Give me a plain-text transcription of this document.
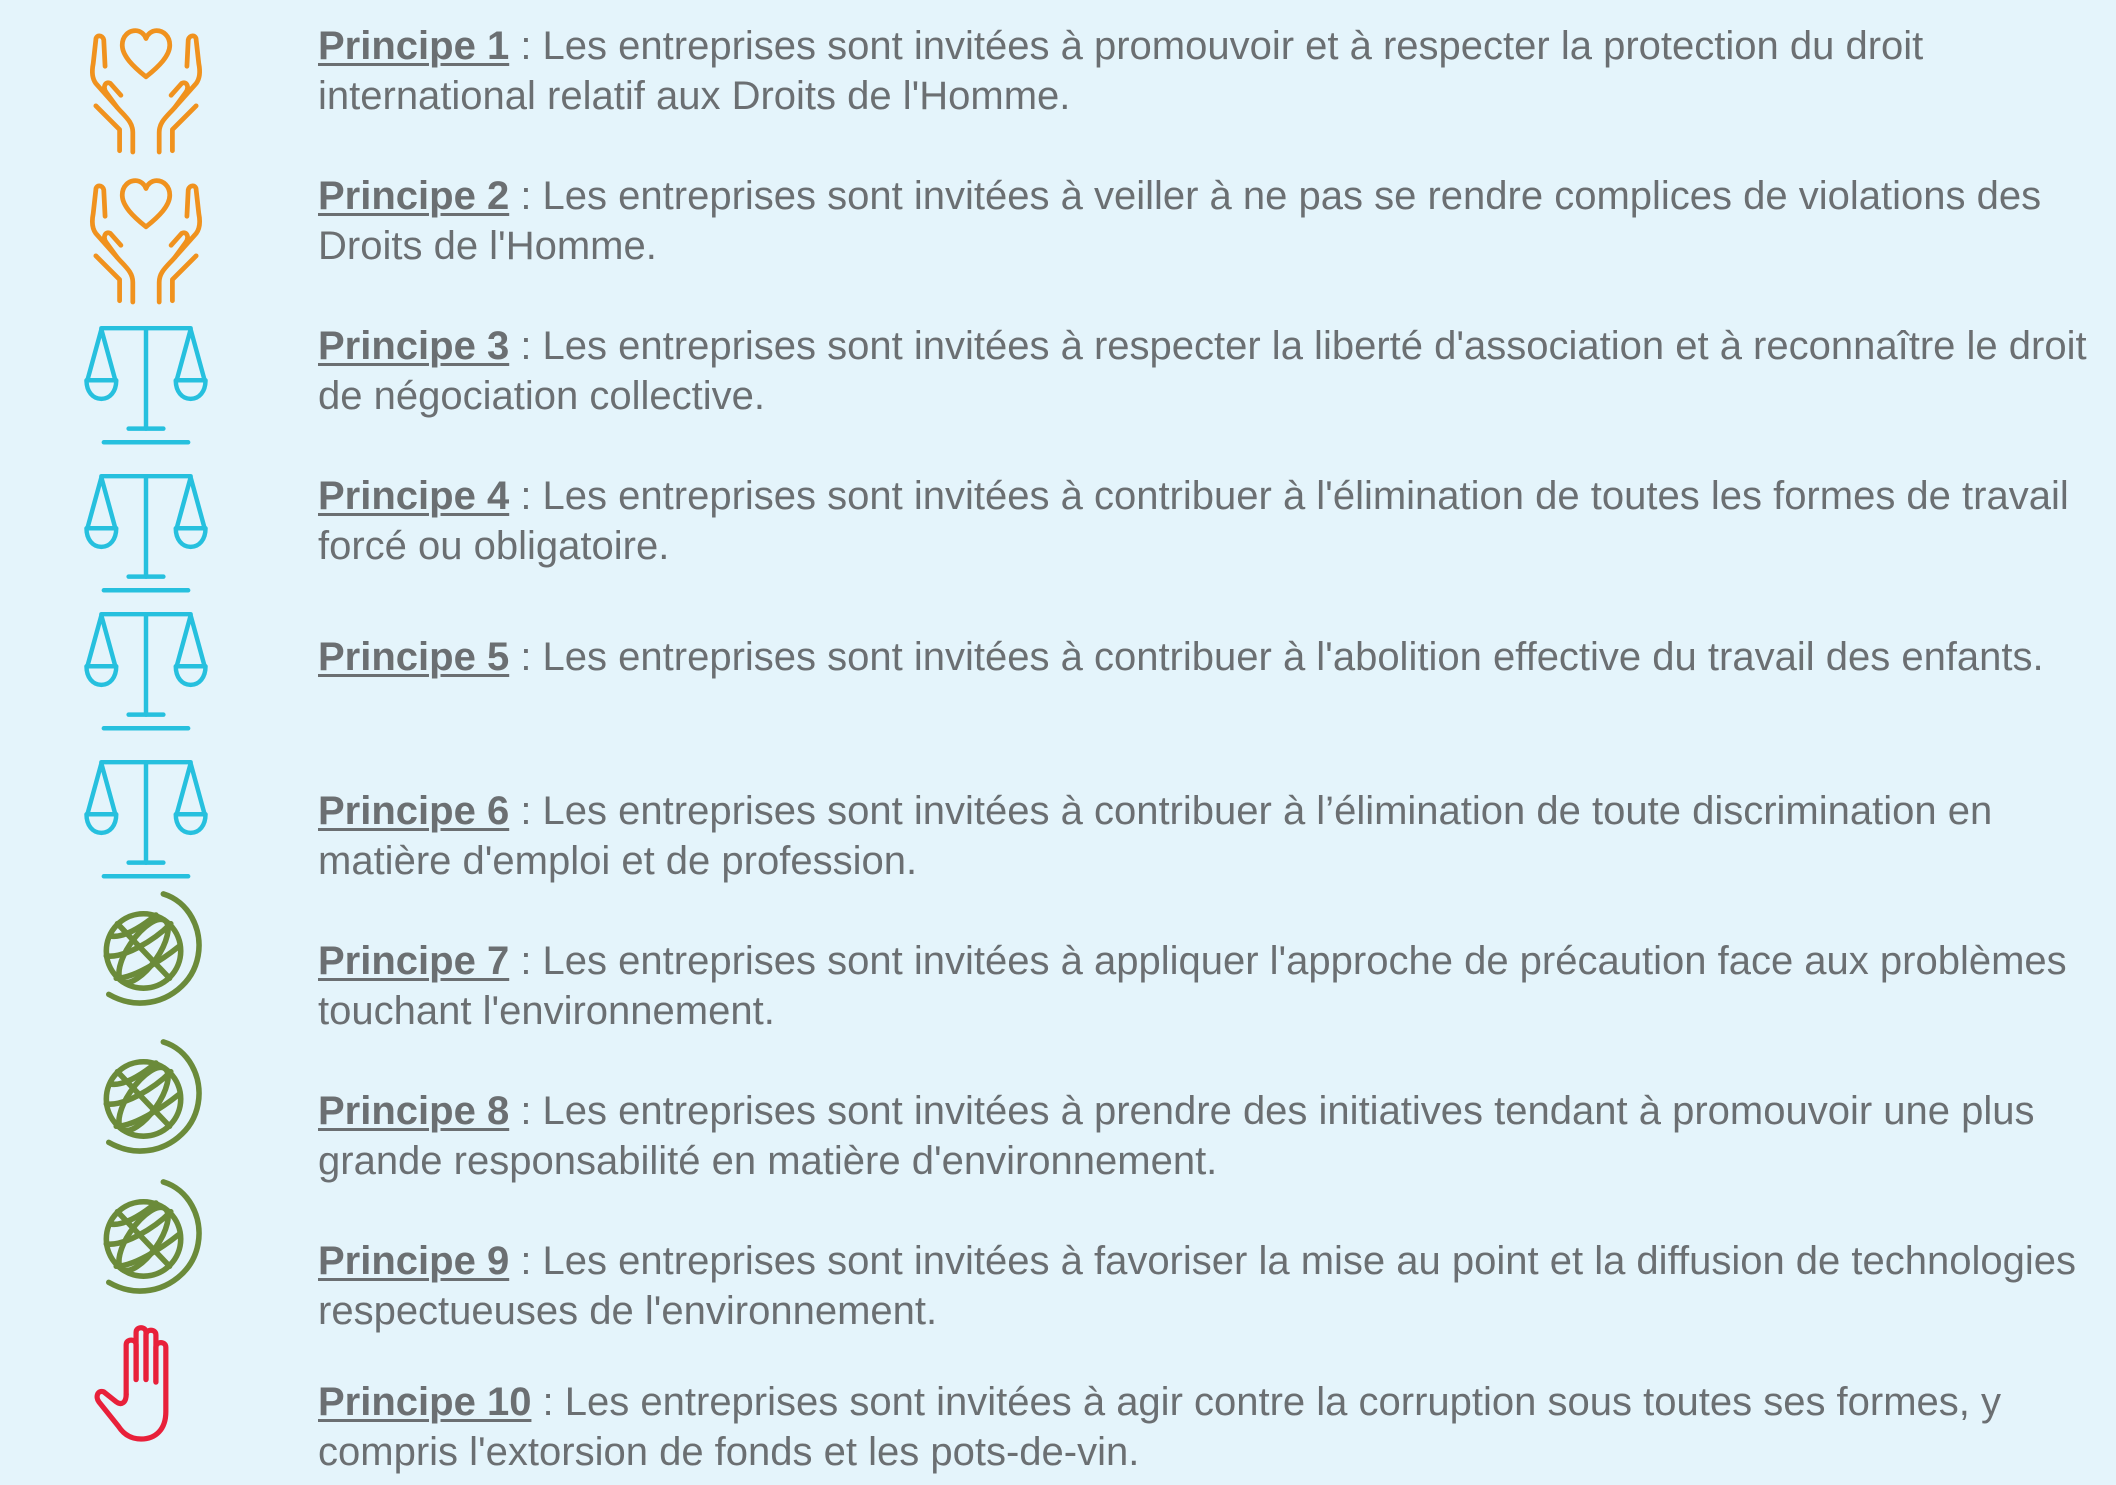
Principe 1 : Les entreprises sont invitées à promouvoir et à respecter la protection du droit international relatif aux Droits de l'Homme.
Principe 2 : Les entreprises sont invitées à veiller à ne pas se rendre complices de violations des Droits de l'Homme.
Principe 3 : Les entreprises sont invitées à respecter la liberté d'association et à reconnaître le droit de négociation collective.
Principe 4 : Les entreprises sont invitées à contribuer à l'élimination de toutes les formes de travail forcé ou obligatoire.
Principe 5 : Les entreprises sont invitées à contribuer à l'abolition effective du travail des enfants.
Principe 6 : Les entreprises sont invitées à contribuer à l’élimination de toute discrimination en matière d'emploi et de profession.
Principe 7 : Les entreprises sont invitées à appliquer l'approche de précaution face aux problèmes touchant l'environnement.
Principe 8 : Les entreprises sont invitées à prendre des initiatives tendant à promouvoir une plus grande responsabilité en matière d'environnement.
Principe 9 : Les entreprises sont invitées à favoriser la mise au point et la diffusion de technologies respectueuses de l'environnement.
Principe 10 : Les entreprises sont invitées à agir contre la corruption sous toutes ses formes, y compris l'extorsion de fonds et les pots-de-vin.
